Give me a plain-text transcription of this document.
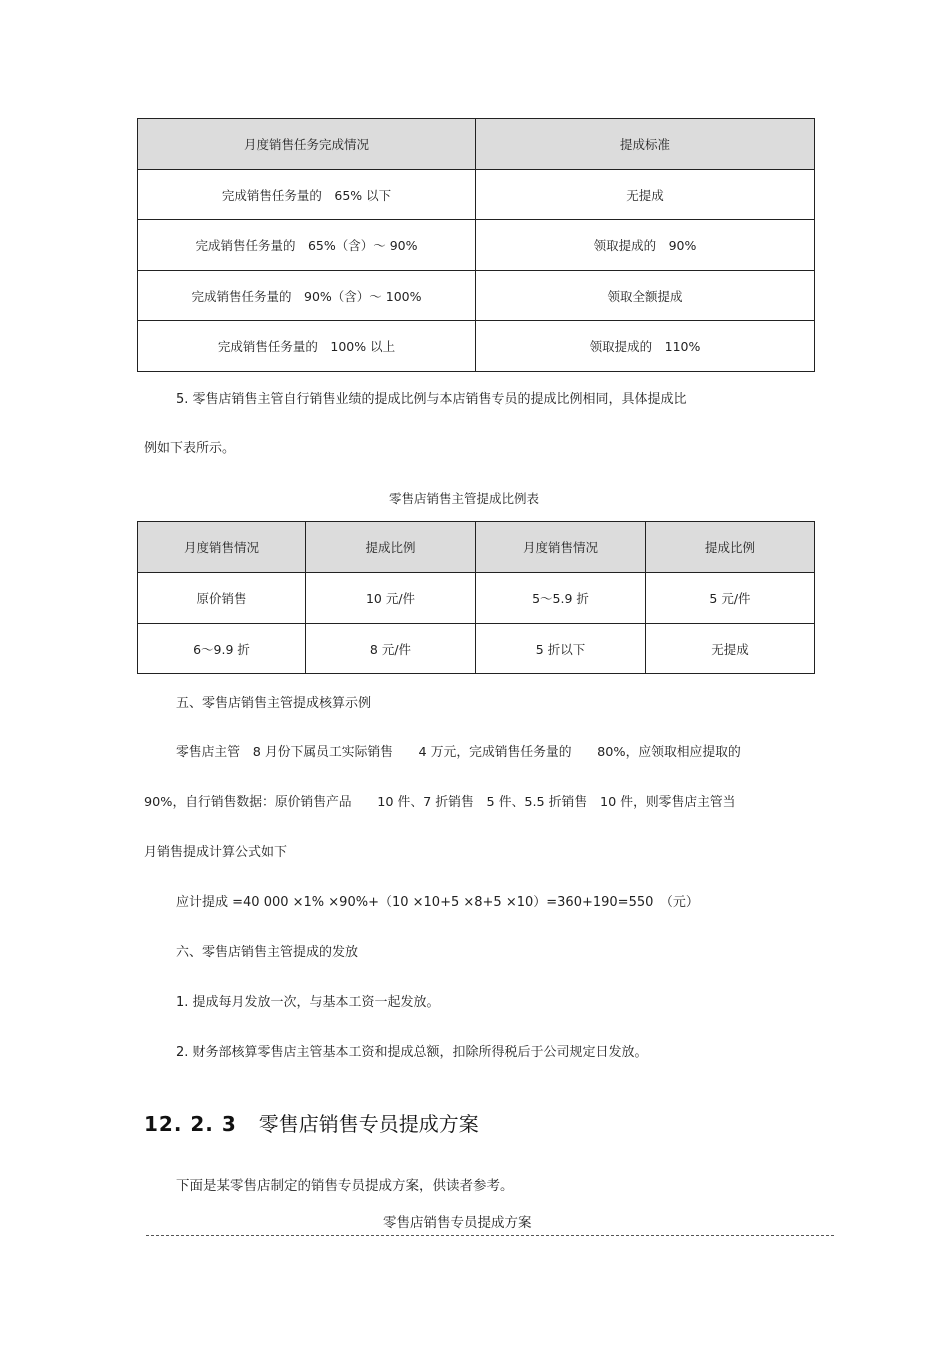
月度销售任务完成情况	提成标准
完成销售任务量的　65% 以下	无提成
完成销售任务量的　65%（含）～ 90%	领取提成的　90%
完成销售任务量的　90%（含）～ 100%	领取全额提成
完成销售任务量的　100% 以上	领取提成的　110%
5. 零售店销售主管自行销售业绩的提成比例与本店销售专员的提成比例相同，具体提成比
例如下表所示。
零售店销售主管提成比例表
月度销售情况	提成比例	月度销售情况	提成比例
原价销售	10 元/件	5～5.9 折	5 元/件
6～9.9 折	8 元/件	5 折以下	无提成
五、零售店销售主管提成核算示例
零售店主管　8 月份下属员工实际销售　　4 万元，完成销售任务量的　　80%，应领取相应提取的
90%，自行销售数据：原价销售产品　　10 件、7 折销售　5 件、5.5 折销售　10 件，则零售店主管当
月销售提成计算公式如下
应计提成 =40 000 ×1% ×90%+（10 ×10+5 ×8+5 ×10）=360+190=550　（元）
六、零售店销售主管提成的发放
1. 提成每月发放一次，与基本工资一起发放。
2. 财务部核算零售店主管基本工资和提成总额，扣除所得税后于公司规定日发放。
12. 2. 3 零售店销售专员提成方案
下面是某零售店制定的销售专员提成方案，供读者参考。
零售店销售专员提成方案
